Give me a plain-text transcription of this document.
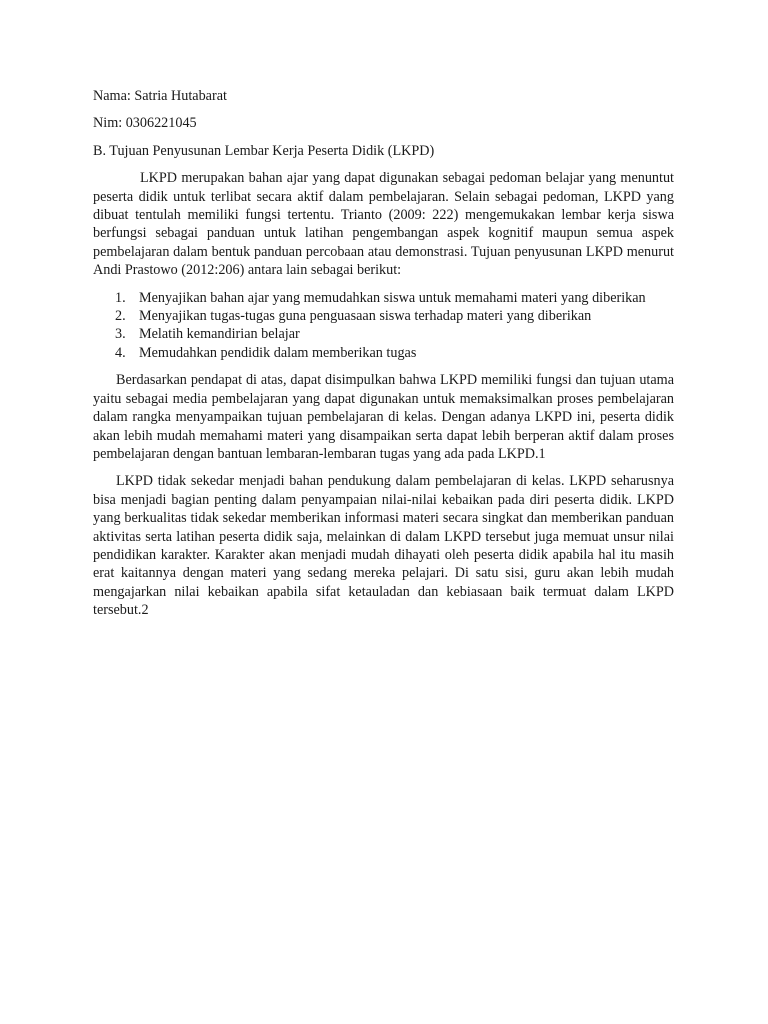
Nama: Satria Hutabarat

Nim: 0306221045

B. Tujuan Penyusunan Lembar Kerja Peserta Didik (LKPD)

LKPD merupakan bahan ajar yang dapat digunakan sebagai pedoman belajar yang menuntut peserta didik untuk terlibat secara aktif dalam pembelajaran. Selain sebagai pedoman, LKPD yang dibuat tentulah memiliki fungsi tertentu. Trianto (2009: 222) mengemukakan lembar kerja siswa berfungsi sebagai panduan untuk latihan pengembangan aspek kognitif maupun semua aspek pembelajaran dalam bentuk panduan percobaan atau demonstrasi. Tujuan penyusunan LKPD menurut Andi Prastowo (2012:206) antara lain sebagai berikut:

1. Menyajikan bahan ajar yang memudahkan siswa untuk memahami materi yang diberikan
2. Menyajikan tugas-tugas guna penguasaan siswa terhadap materi yang diberikan
3. Melatih kemandirian belajar
4. Memudahkan pendidik dalam memberikan tugas

Berdasarkan pendapat di atas, dapat disimpulkan bahwa LKPD memiliki fungsi dan tujuan utama yaitu sebagai media pembelajaran yang dapat digunakan untuk memaksimalkan proses pembelajaran dalam rangka menyampaikan tujuan pembelajaran di kelas. Dengan adanya LKPD ini, peserta didik akan lebih mudah memahami materi yang disampaikan serta dapat lebih berperan aktif dalam proses pembelajaran dengan bantuan lembaran-lembaran tugas yang ada pada LKPD.1

LKPD tidak sekedar menjadi bahan pendukung dalam pembelajaran di kelas. LKPD seharusnya bisa menjadi bagian penting dalam penyampaian nilai-nilai kebaikan pada diri peserta didik. LKPD yang berkualitas tidak sekedar memberikan informasi materi secara singkat dan memberikan panduan aktivitas serta latihan peserta didik saja, melainkan di dalam LKPD tersebut juga memuat unsur nilai pendidikan karakter. Karakter akan menjadi mudah dihayati oleh peserta didik apabila hal itu masih erat kaitannya dengan materi yang sedang mereka pelajari. Di satu sisi, guru akan lebih mudah mengajarkan nilai kebaikan apabila sifat ketauladan dan kebiasaan baik termuat dalam LKPD tersebut.2
